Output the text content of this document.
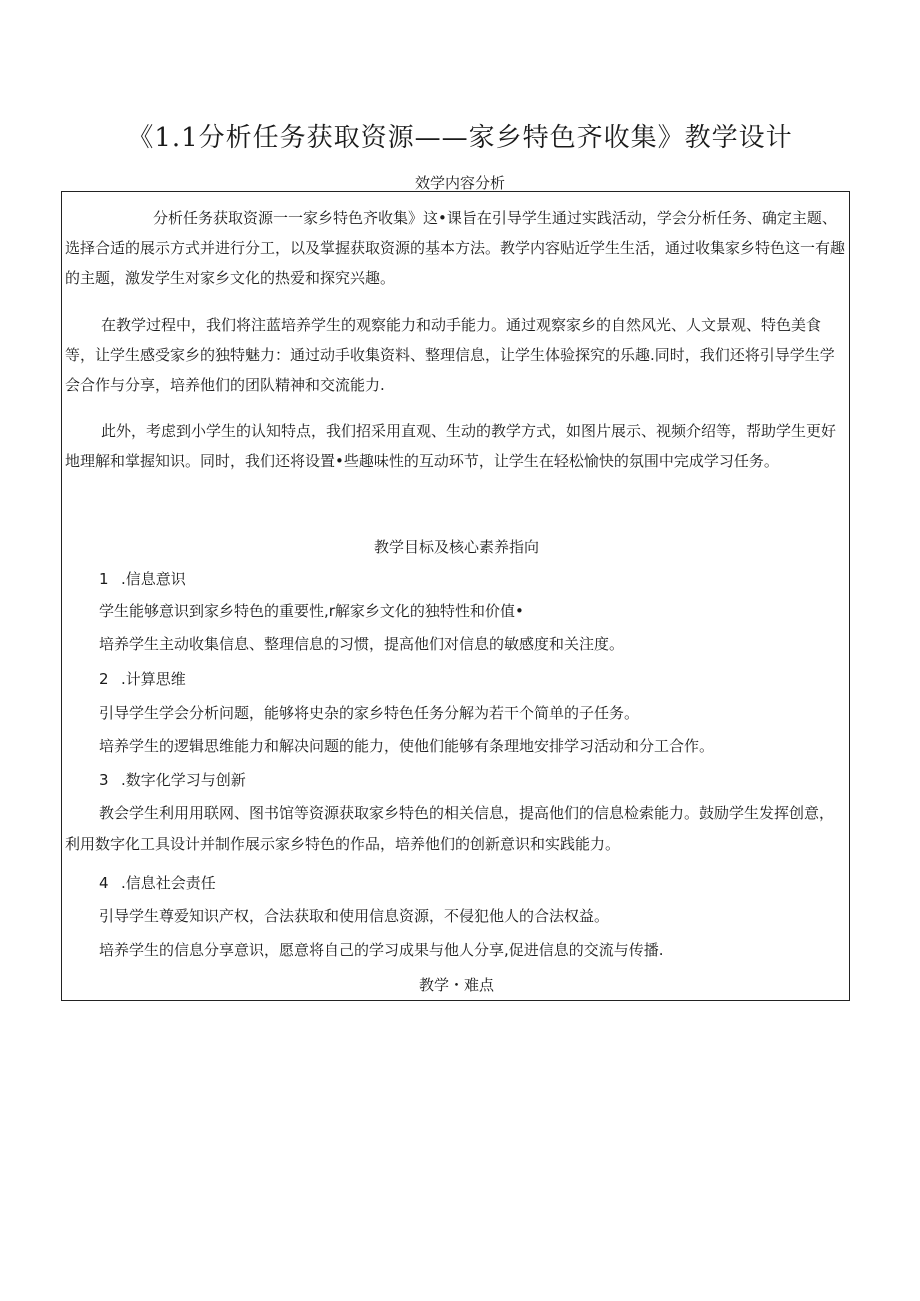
《1.1分析任务获取资源——家乡特色齐收集》教学设计
效学内容分析

分析任务获取资源一一家乡特色齐收集》这•课旨在引导学生通过实践活动，学会分析任务、确定主题、选择合适的展示方式并进行分工，以及掌握获取资源的基本方法。教学内容贴近学生生活，通过收集家乡特色这一有趣的主题，激发学生对家乡文化的热爱和探究兴趣。

在教学过程中，我们将注蓝培养学生的观察能力和动手能力。通过观察家乡的自然风光、人文景观、特色美食等，让学生感受家乡的独特魅力：通过动手收集资料、整理信息，让学生体验探究的乐趣.同时，我们还将引导学生学会合作与分享，培养他们的团队精神和交流能力.

此外，考虑到小学生的认知特点，我们招采用直观、生动的教学方式，如图片展示、视频介绍等，帮助学生更好地理解和掌握知识。同时，我们还将设置•些趣味性的互动环节，让学生在轻松愉快的氛围中完成学习任务。

教学目标及核心素养指向
1 .信息意识
学生能够意识到家乡特色的重要性,r解家乡文化的独特性和价值•
培养学生主动收集信息、整理信息的习惯，提高他们对信息的敏感度和关注度。
2 .计算思维
引导学生学会分析问题，能够将史杂的家乡特色任务分解为若干个简单的子任务。
培养学生的逻辑思维能力和解决问题的能力，使他们能够有条理地安排学习活动和分工合作。
3 .数字化学习与创新
教会学生利用用联网、图书馆等资源获取家乡特色的相关信息，提高他们的信息检索能力。鼓励学生发挥创意，利用数字化工具设计并制作展示家乡特色的作品，培养他们的创新意识和实践能力。
4 .信息社会责任
引导学生尊爱知识产权，合法获取和使用信息资源，不侵犯他人的合法权益。
培养学生的信息分享意识，愿意将自己的学习成果与他人分享,促进信息的交流与传播.
教学・难点
